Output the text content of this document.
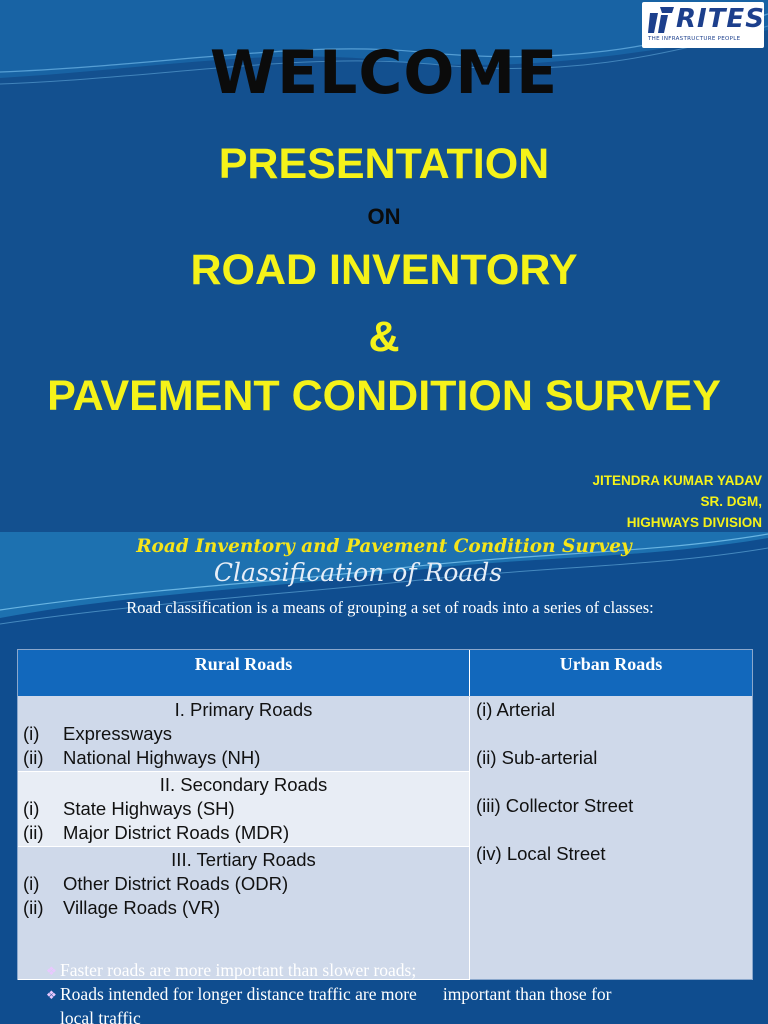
RITES
THE INFRASTRUCTURE PEOPLE
WELCOME
PRESENTATION
ON
ROAD INVENTORY
&
PAVEMENT CONDITION SURVEY
JITENDRA KUMAR YADAV
SR. DGM,
HIGHWAYS DIVISION
Road Inventory and Pavement Condition Survey
Classification of Roads
Road classification is a means of grouping a set of roads into a series of classes:
Rural Roads	Urban Roads
I. Primary Roads
(i) Expressways
(ii) National Highways (NH)
II. Secondary Roads
(i) State Highways (SH)
(ii) Major District Roads (MDR)
III. Tertiary Roads
(i) Other District Roads (ODR)
(ii) Village Roads (VR)
(i) Arterial
(ii) Sub-arterial
(iii) Collector Street
(iv) Local Street
❖ Faster roads are more important than slower roads;
❖ Roads intended for longer distance traffic are more important than those for
local traffic
